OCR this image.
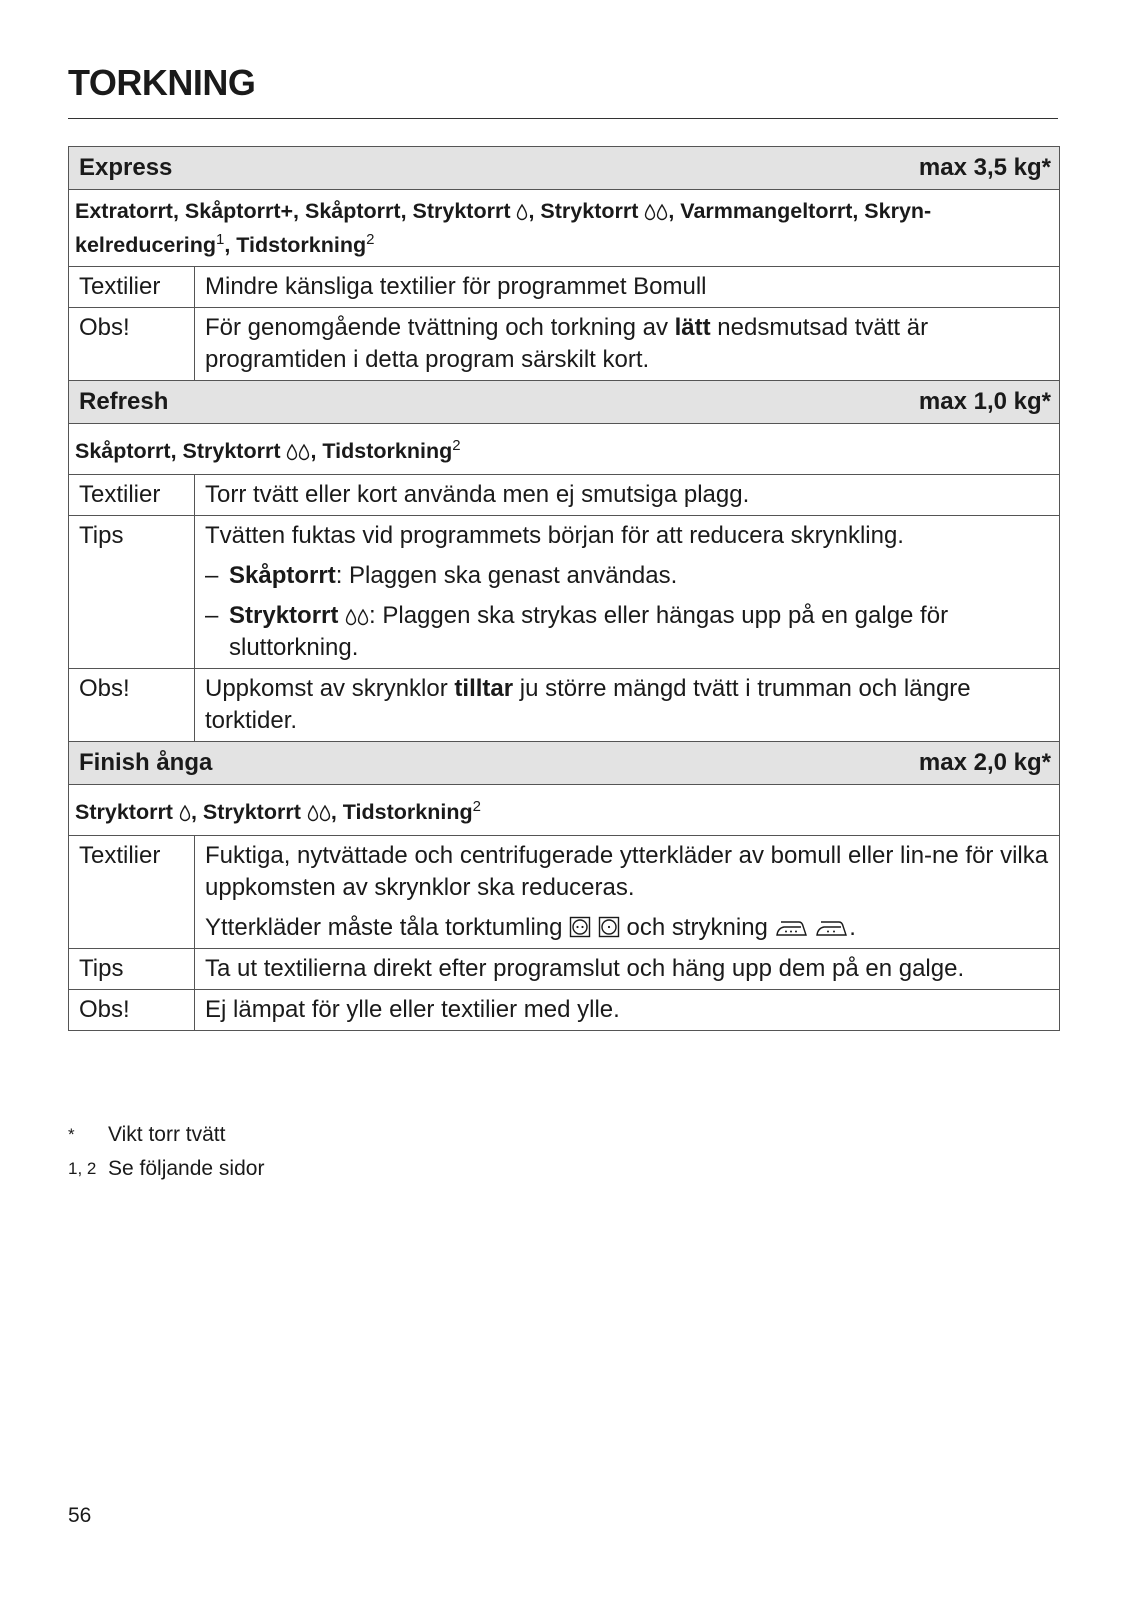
TORKNING
Express max 3,5 kg*	

Extratorrt, Skåptorrt+, Skåptorrt, Stryktorrt , Stryktorrt , Varmmangeltorrt, Skryn-kelreducering$^1$, Tidstorkning$^2$
Textilier	Mindre känsliga textilier för programmet Bomull
Obs!	För genomgående tvättning och torkning av lätt nedsmutsad tvätt är programtiden i detta program särskilt kort.

Refresh max 1,0 kg*	

Skåptorrt, Stryktorrt , Tidstorkning$^2$
Textilier	Torr tvätt eller kort använda men ej smutsiga plagg.
Tips	Tvätten fuktas vid programmets början för att reducera skrynkling.
– Skåptorrt: Plaggen ska genast användas.
– Stryktorrt : Plaggen ska strykas eller hängas upp på en galge för sluttorkning.

Obs!	Uppkomst av skrynklor tilltar ju större mängd tvätt i trumman och längre torktider.

Finish ånga max 2,0 kg*	

Stryktorrt , Stryktorrt , Tidstorkning$^2$
Textilier	Fuktiga, nytvättade och centrifugerade ytterkläder av bomull eller lin-ne för vilka uppkomsten av skrynklor ska reduceras.
Ytterkläder måste tåla torktumling   och strykning .

Tips	Ta ut textilierna direkt efter programslut och häng upp dem på en galge.
Obs!	Ej lämpat för ylle eller textilier med ylle.
*	Vikt torr tvätt
1, 2 Se följande sidor
56
